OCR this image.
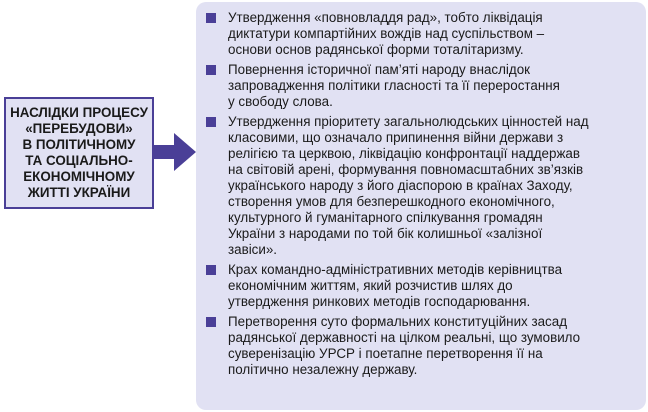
НАСЛІДКИ ПРОЦЕСУ
«ПЕРЕБУДОВИ»
В ПОЛІТИЧНОМУ
ТА СОЦІАЛЬНО-
ЕКОНОМІЧНОМУ
ЖИТТІ УКРАЇНИ

Утвердження «повновладдя рад», тобто ліквідація
диктатури компартійних вождів над суспільством –
основи основ радянської форми тоталітаризму.

Повернення історичної пам’яті народу внаслідок
запровадження політики гласності та її переростання
у свободу слова.

Утвердження пріоритету загальнолюдських цінностей над
класовими, що означало припинення війни держави з
релігією та церквою, ліквідацію конфронтації наддержав
на світовій арені, формування повномасштабних зв’язків
українського народу з його діаспорою в країнах Заходу,
створення умов для безперешкодного економічного,
культурного й гуманітарного спілкування громадян
України з народами по той бік колишньої «залізної
завіси».

Крах командно-адміністративних методів керівництва
економічним життям, який розчистив шлях до
утвердження ринкових методів господарювання.

Перетворення суто формальних конституційних засад
радянської державності на цілком реальні, що зумовило
суверенізацію УРСР і поетапне перетворення її на
політично незалежну державу.
